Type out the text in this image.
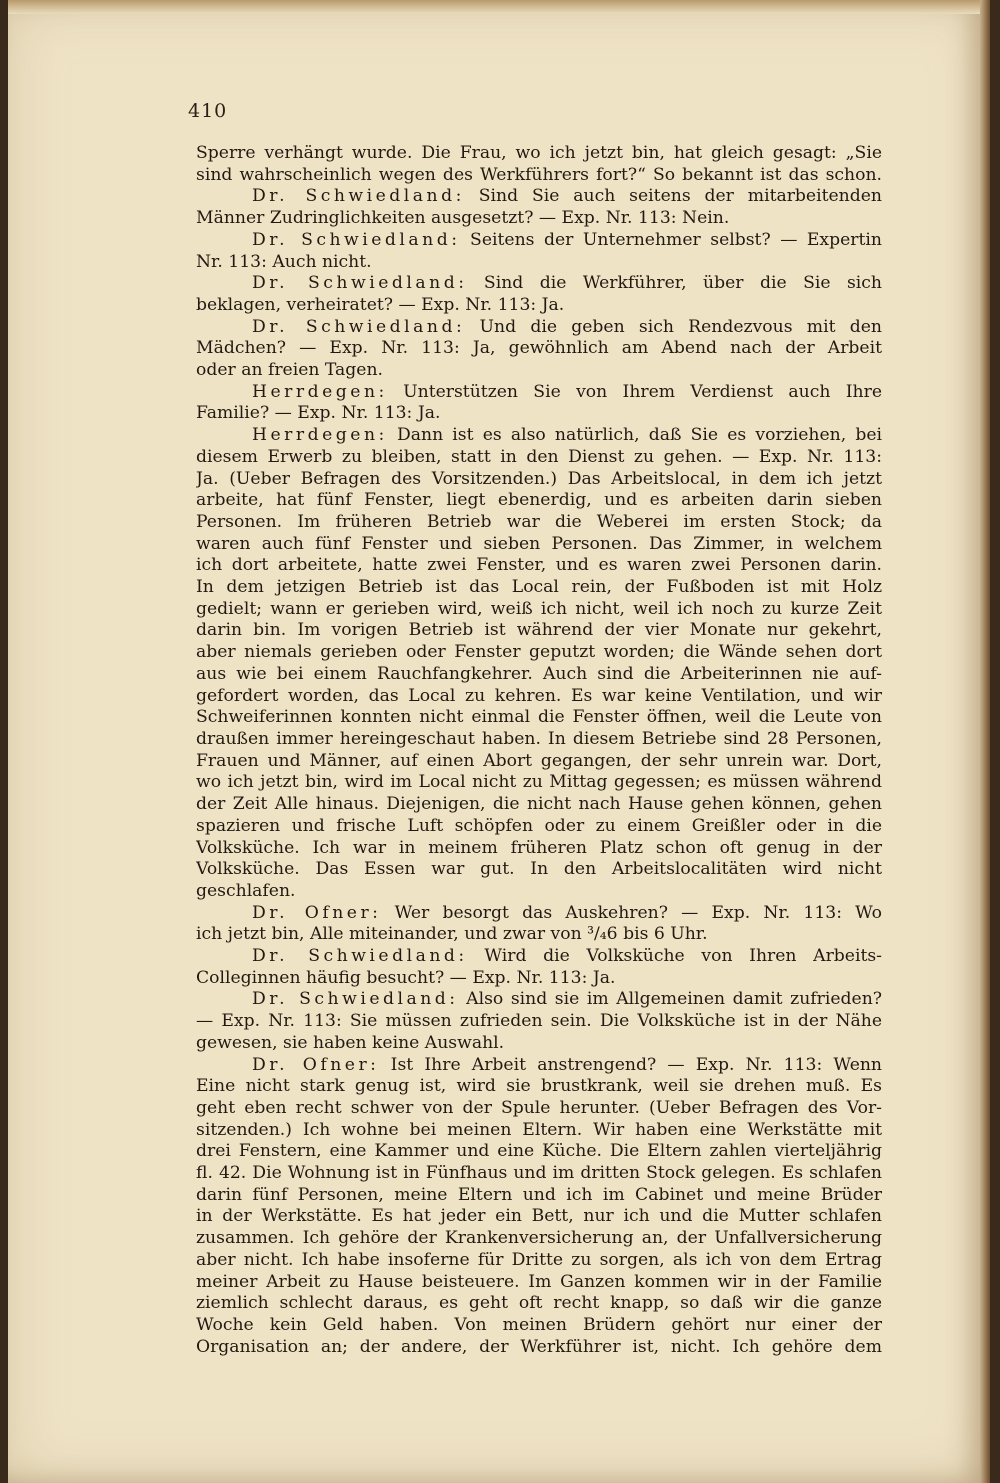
410
Sperre verhängt wurde. Die Frau, wo ich jetzt bin, hat gleich gesagt: „Sie
sind wahrscheinlich wegen des Werkführers fort?“ So bekannt ist das schon.
Dr. Schwiedland: Sind Sie auch seitens der mitarbeitenden
Männer Zudringlichkeiten ausgesetzt? — Exp. Nr. 113: Nein.
Dr. Schwiedland: Seitens der Unternehmer selbst? — Expertin
Nr. 113: Auch nicht.
Dr. Schwiedland: Sind die Werkführer, über die Sie sich
beklagen, verheiratet? — Exp. Nr. 113: Ja.
Dr. Schwiedland: Und die geben sich Rendezvous mit den
Mädchen? — Exp. Nr. 113: Ja, gewöhnlich am Abend nach der Arbeit
oder an freien Tagen.
Herrdegen: Unterstützen Sie von Ihrem Verdienst auch Ihre
Familie? — Exp. Nr. 113: Ja.
Herrdegen: Dann ist es also natürlich, daß Sie es vorziehen, bei
diesem Erwerb zu bleiben, statt in den Dienst zu gehen. — Exp. Nr. 113:
Ja. (Ueber Befragen des Vorsitzenden.) Das Arbeitslocal, in dem ich jetzt
arbeite, hat fünf Fenster, liegt ebenerdig, und es arbeiten darin sieben
Personen. Im früheren Betrieb war die Weberei im ersten Stock; da
waren auch fünf Fenster und sieben Personen. Das Zimmer, in welchem
ich dort arbeitete, hatte zwei Fenster, und es waren zwei Personen darin.
In dem jetzigen Betrieb ist das Local rein, der Fußboden ist mit Holz
gedielt; wann er gerieben wird, weiß ich nicht, weil ich noch zu kurze Zeit
darin bin. Im vorigen Betrieb ist während der vier Monate nur gekehrt,
aber niemals gerieben oder Fenster geputzt worden; die Wände sehen dort
aus wie bei einem Rauchfangkehrer. Auch sind die Arbeiterinnen nie auf-
gefordert worden, das Local zu kehren. Es war keine Ventilation, und wir
Schweiferinnen konnten nicht einmal die Fenster öffnen, weil die Leute von
draußen immer hereingeschaut haben. In diesem Betriebe sind 28 Personen,
Frauen und Männer, auf einen Abort gegangen, der sehr unrein war. Dort,
wo ich jetzt bin, wird im Local nicht zu Mittag gegessen; es müssen während
der Zeit Alle hinaus. Diejenigen, die nicht nach Hause gehen können, gehen
spazieren und frische Luft schöpfen oder zu einem Greißler oder in die
Volksküche. Ich war in meinem früheren Platz schon oft genug in der
Volksküche. Das Essen war gut. In den Arbeitslocalitäten wird nicht
geschlafen.
Dr. Ofner: Wer besorgt das Auskehren? — Exp. Nr. 113: Wo
ich jetzt bin, Alle miteinander, und zwar von ³/₄6 bis 6 Uhr.
Dr. Schwiedland: Wird die Volksküche von Ihren Arbeits-
Colleginnen häufig besucht? — Exp. Nr. 113: Ja.
Dr. Schwiedland: Also sind sie im Allgemeinen damit zufrieden?
— Exp. Nr. 113: Sie müssen zufrieden sein. Die Volksküche ist in der Nähe
gewesen, sie haben keine Auswahl.
Dr. Ofner: Ist Ihre Arbeit anstrengend? — Exp. Nr. 113: Wenn
Eine nicht stark genug ist, wird sie brustkrank, weil sie drehen muß. Es
geht eben recht schwer von der Spule herunter. (Ueber Befragen des Vor-
sitzenden.) Ich wohne bei meinen Eltern. Wir haben eine Werkstätte mit
drei Fenstern, eine Kammer und eine Küche. Die Eltern zahlen vierteljährig
fl. 42. Die Wohnung ist in Fünfhaus und im dritten Stock gelegen. Es schlafen
darin fünf Personen, meine Eltern und ich im Cabinet und meine Brüder
in der Werkstätte. Es hat jeder ein Bett, nur ich und die Mutter schlafen
zusammen. Ich gehöre der Krankenversicherung an, der Unfallversicherung
aber nicht. Ich habe insoferne für Dritte zu sorgen, als ich von dem Ertrag
meiner Arbeit zu Hause beisteuere. Im Ganzen kommen wir in der Familie
ziemlich schlecht daraus, es geht oft recht knapp, so daß wir die ganze
Woche kein Geld haben. Von meinen Brüdern gehört nur einer der
Organisation an; der andere, der Werkführer ist, nicht. Ich gehöre dem
